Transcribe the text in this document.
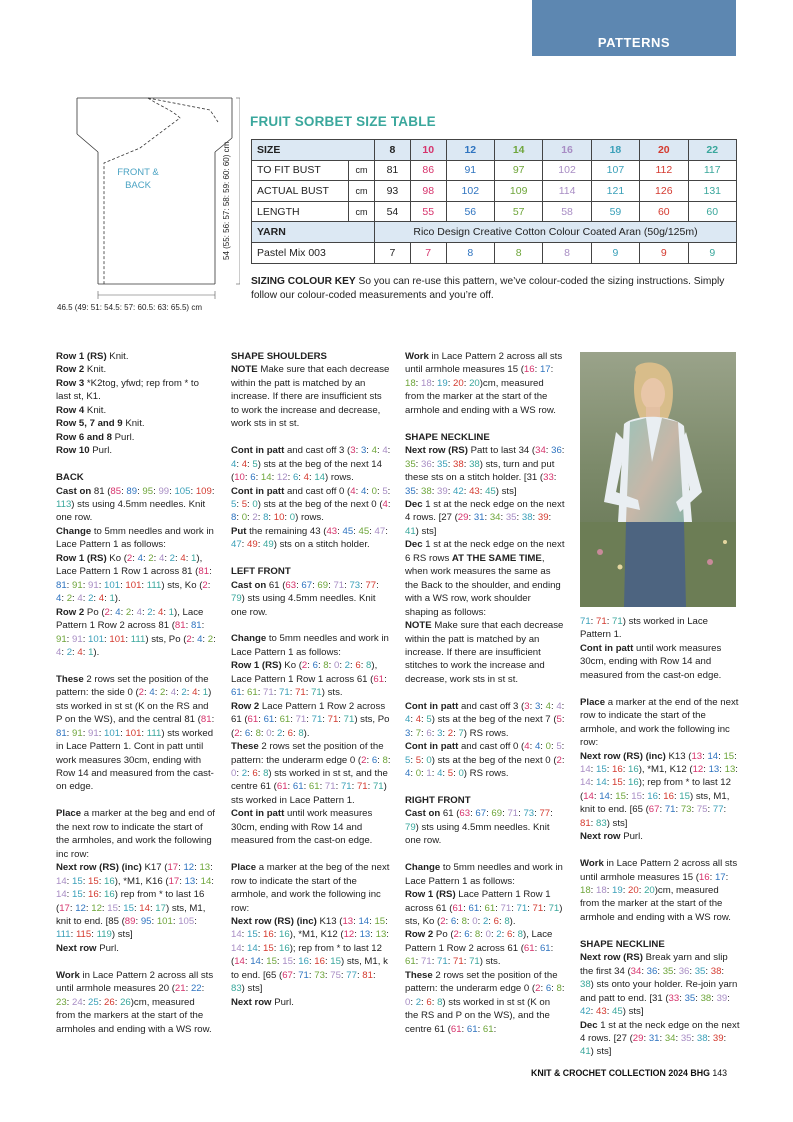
PATTERNS
FRONT &
BACK	54 (55: 56: 57: 58: 59: 60: 60) cm
46.5 (49: 51: 54.5: 57: 60.5: 63: 65.5) cm
FRUIT SORBET SIZE TABLE
SIZE		8	10	12	14	16	18	20	22
TO FIT BUST	cm	81	86	91	97	102	107	112	117
ACTUAL BUST	cm	93	98	102	109	114	121	126	131
LENGTH	cm	54	55	56	57	58	59	60	60
YARN		Rico Design Creative Cotton Colour Coated Aran (50g/125m)							
Pastel Mix 003		7	7	8	8	8	9	9	9
SIZING COLOUR KEY So you can re-use this pattern, we’ve colour-coded the sizing instructions. Simply follow our colour-coded measurements and you’re off.

Row 1 (RS) Knit.

Row 2 Knit.

Row 3 *K2tog, yfwd; rep from * to last st, K1.

Row 4 Knit.

Row 5, 7 and 9 Knit.

Row 6 and 8 Purl.

Row 10 Purl.

BACK

Cast on 81 (85: 89: 95: 99: 105: 109: 113) sts using 4.5mm needles. Knit one row.

Change to 5mm needles and work in Lace Pattern 1 as follows:

Row 1 (RS) Ko (2: 4: 2: 4: 2: 4: 1), Lace Pattern 1 Row 1 across 81 (81: 81: 91: 91: 101: 101: 111) sts, Ko (2: 4: 2: 4: 2: 4: 1).

Row 2 Po (2: 4: 2: 4: 2: 4: 1), Lace Pattern 1 Row 2 across 81 (81: 81: 91: 91: 101: 101: 111) sts, Po (2: 4: 2: 4: 2: 4: 1).

These 2 rows set the position of the pattern: the side 0 (2: 4: 2: 4: 2: 4: 1) sts worked in st st (K on the RS and P on the WS), and the central 81 (81: 81: 91: 91: 101: 101: 111) sts worked in Lace Pattern 1. Cont in patt until work measures 30cm, ending with Row 14 and measured from the cast-on edge.

Place a marker at the beg and end of the next row to indicate the start of the armholes, and work the following inc row:
Next row (RS) (inc) K17 (17: 12: 13: 14: 15: 15: 16), *M1, K16 (17: 13: 14: 14: 15: 16: 16) rep from * to last 16 (17: 12: 12: 15: 15: 14: 17) sts, M1, knit to end. [85 (89: 95: 101: 105: 111: 115: 119) sts]
Next row Purl.

Work in Lace Pattern 2 across all sts until armhole measures 20 (21: 22: 23: 24: 25: 26: 26)cm, measured from the markers at the start of the armholes and ending with a WS row.

SHAPE SHOULDERS

NOTE Make sure that each decrease within the patt is matched by an increase. If there are insufficient sts to work the increase and decrease, work sts in st st.

Cont in patt and cast off 3 (3: 3: 4: 4: 4: 4: 5) sts at the beg of the next 14 (10: 6: 14: 12: 6: 4: 14) rows.
Cont in patt and cast off 0 (4: 4: 0: 5: 5: 5: 0) sts at the beg of the next 0 (4: 8: 0: 2: 8: 10: 0) rows.
Put the remaining 43 (43: 45: 45: 47: 47: 49: 49) sts on a stitch holder.

LEFT FRONT

Cast on 61 (63: 67: 69: 71: 73: 77: 79) sts using 4.5mm needles. Knit one row.

Change to 5mm needles and work in Lace Pattern 1 as follows:
Row 1 (RS) Ko (2: 6: 8: 0: 2: 6: 8), Lace Pattern 1 Row 1 across 61 (61: 61: 61: 71: 71: 71: 71) sts.
Row 2 Lace Pattern 1 Row 2 across 61 (61: 61: 61: 71: 71: 71: 71) sts, Po (2: 6: 8: 0: 2: 6: 8).
These 2 rows set the position of the pattern: the underarm edge 0 (2: 6: 8: 0: 2: 6: 8) sts worked in st st, and the centre 61 (61: 61: 61: 71: 71: 71: 71) sts worked in Lace Pattern 1.
Cont in patt until work measures 30cm, ending with Row 14 and measured from the cast-on edge.

Place a marker at the beg of the next row to indicate the start of the armhole, and work the following inc row:
Next row (RS) (inc) K13 (13: 14: 15: 14: 15: 16: 16), *M1, K12 (12: 13: 13: 14: 14: 15: 16); rep from * to last 12 (14: 14: 15: 15: 16: 16: 15) sts, M1, k to end. [65 (67: 71: 73: 75: 77: 81: 83) sts]
Next row Purl.

Work in Lace Pattern 2 across all sts until armhole measures 15 (16: 17: 18: 18: 19: 20: 20)cm, measured from the marker at the start of the armhole and ending with a WS row.

SHAPE NECKLINE

Next row (RS) Patt to last 34 (34: 36: 35: 36: 35: 38: 38) sts, turn and put these sts on a stitch holder. [31 (33: 35: 38: 39: 42: 43: 45) sts]
Dec 1 st at the neck edge on the next 4 rows. [27 (29: 31: 34: 35: 38: 39: 41) sts]
Dec 1 st at the neck edge on the next 6 RS rows AT THE SAME TIME, when work measures the same as the Back to the shoulder, and ending with a WS row, work shoulder shaping as follows:
NOTE Make sure that each decrease within the patt is matched by an increase. If there are insufficient stitches to work the increase and decrease, work sts in st st.

Cont in patt and cast off 3 (3: 3: 4: 4: 4: 4: 5) sts at the beg of the next 7 (5: 3: 7: 6: 3: 2: 7) RS rows.
Cont in patt and cast off 0 (4: 4: 0: 5: 5: 5: 0) sts at the beg of the next 0 (2: 4: 0: 1: 4: 5: 0) RS rows.

RIGHT FRONT

Cast on 61 (63: 67: 69: 71: 73: 77: 79) sts using 4.5mm needles. Knit one row.

Change to 5mm needles and work in Lace Pattern 1 as follows:
Row 1 (RS) Lace Pattern 1 Row 1 across 61 (61: 61: 61: 71: 71: 71: 71) sts, Ko (2: 6: 8: 0: 2: 6: 8).
Row 2 Po (2: 6: 8: 0: 2: 6: 8), Lace Pattern 1 Row 2 across 61 (61: 61: 61: 71: 71: 71: 71) sts.
These 2 rows set the position of the pattern: the underarm edge 0 (2: 6: 8: 0: 2: 6: 8) sts worked in st st (K on the RS and P on the WS), and the centre 61 (61: 61: 61:

71: 71: 71) sts worked in Lace Pattern 1.
Cont in patt until work measures 30cm, ending with Row 14 and measured from the cast-on edge.

Place a marker at the end of the next row to indicate the start of the armhole, and work the following inc row:
Next row (RS) (inc) K13 (13: 14: 15: 14: 15: 16: 16), *M1, K12 (12: 13: 13: 14: 14: 15: 16); rep from * to last 12 (14: 14: 15: 15: 16: 16: 15) sts, M1, knit to end. [65 (67: 71: 73: 75: 77: 81: 83) sts]
Next row Purl.

Work in Lace Pattern 2 across all sts until armhole measures 15 (16: 17: 18: 18: 19: 20: 20)cm, measured from the marker at the start of the armhole and ending with a WS row.

SHAPE NECKLINE

Next row (RS) Break yarn and slip the first 34 (34: 36: 35: 36: 35: 38: 38) sts onto your holder. Re-join yarn and patt to end. [31 (33: 35: 38: 39: 42: 43: 45) sts]
Dec 1 st at the neck edge on the next 4 rows. [27 (29: 31: 34: 35: 38: 39: 41) sts]

KNIT & CROCHET COLLECTION 2024 BHG 143
